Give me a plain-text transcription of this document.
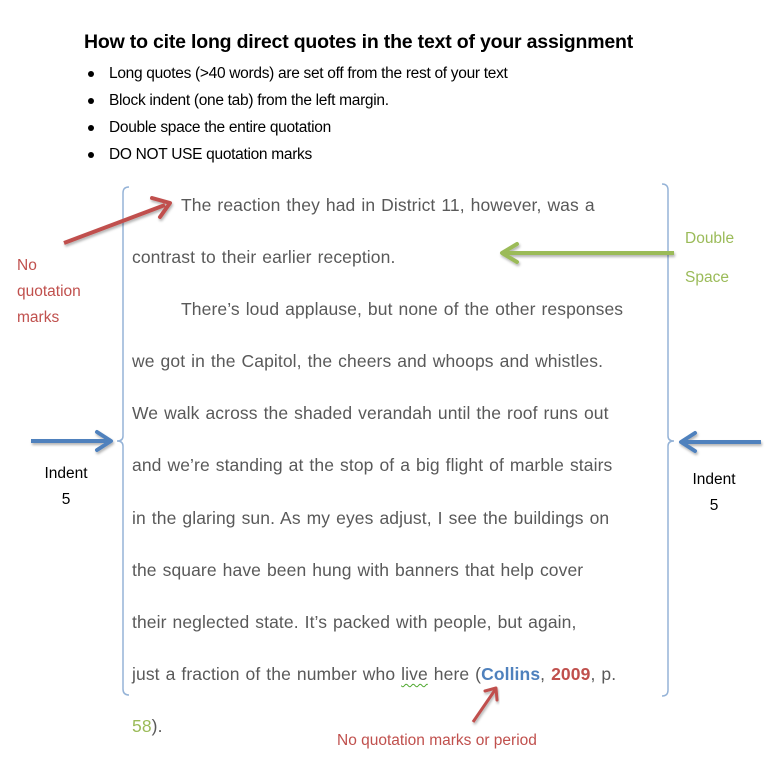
How to cite long direct quotes in the text of your assignment
Long quotes (>40 words) are set off from the rest of your text
Block indent (one tab) from the left margin.
Double space the entire quotation
DO NOT USE quotation marks
The reaction they had in District 11, however, was a
contrast to their earlier reception.
There’s loud applause, but none of the other responses
we got in the Capitol, the cheers and whoops and whistles.
We walk across the shaded verandah until the roof runs out
and we’re standing at the stop of a big flight of marble stairs
in the glaring sun. As my eyes adjust, I see the buildings on
the square have been hung with banners that help cover
their neglected state. It’s packed with people, but again,
just a fraction of the number who live here (Collins, 2009, p.
58).
No
quotation
marks
Double
Space
Indent
5
Indent
5
No quotation marks or period
